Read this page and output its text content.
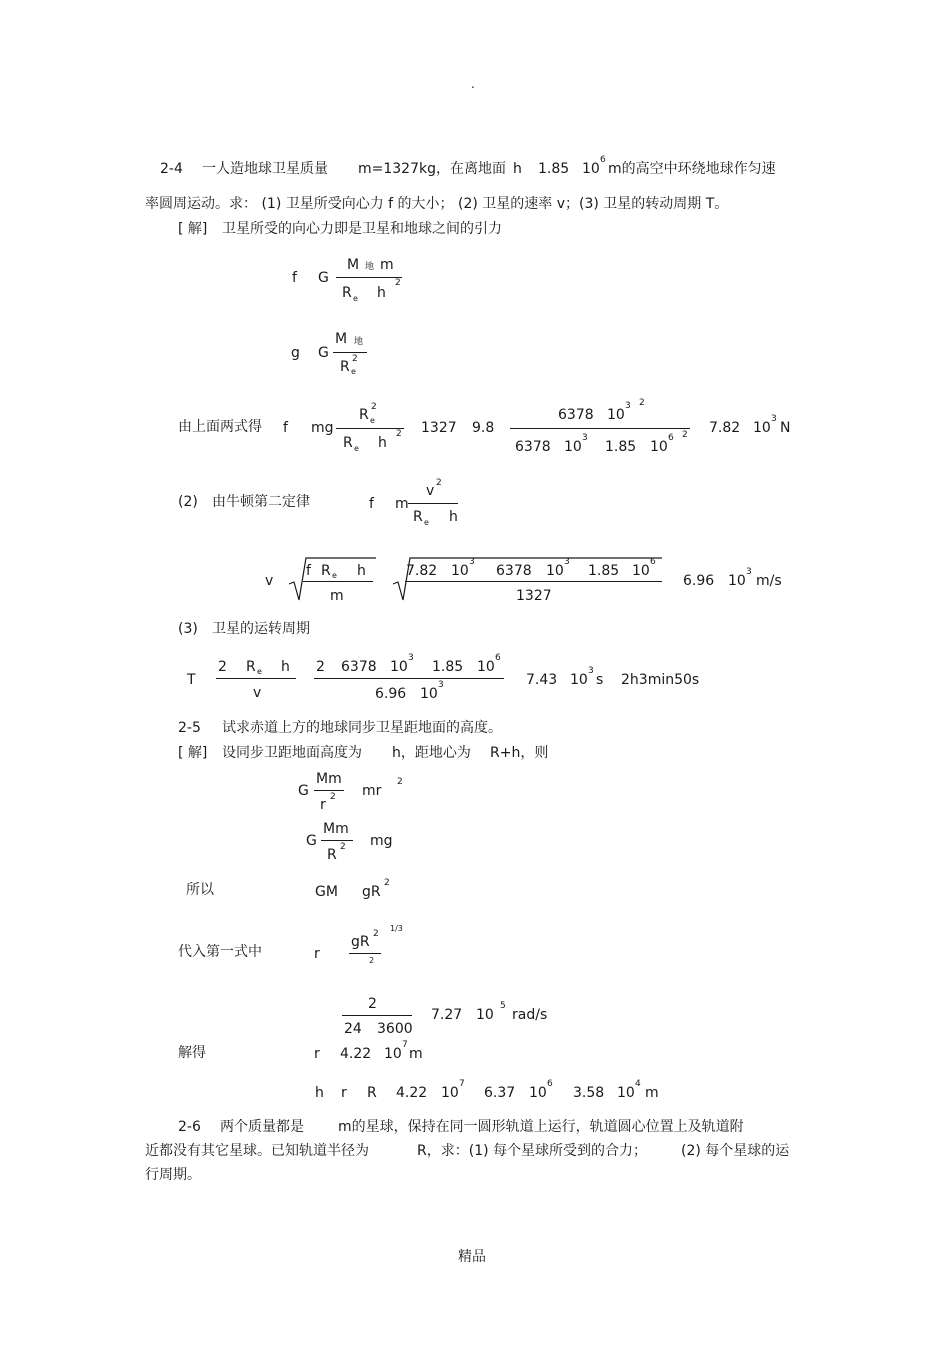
.
2-4 一人造地球卫星质量 m=1327kg，在离地面 h 1.85 10
6
m的高空中环绕地球作匀速
率圆周运动。求： (1) 卫星所受向心力 f 的大小； (2) 卫星的速率 v；(3) 卫星的转动周期 T。
[ 解] 卫星所受的向心力即是卫星和地球之间的引力
f G
M 地 m
R e h
2
g G
M 地
R e
2
由上面两式得 f mg
R e
2
R e h
2 1327 9.8
6378 10
3 2
6378 10
3
1.85 10
6 2 7.82 10
3
N
(2) 由牛顿第二定律	f m
v 2
R e h
v
f R e h
m
7.82 10
3
6378 10
3
1.85 10
6
1327
6.96 10
3
m/s
(3) 卫星的运转周期
T
2 R e h
v
2 6378 10
3
1.85 10
6
6.96 10
3	7.43 10
3
s 2h3min50s
2-5 试求赤道上方的地球同步卫星距地面的高度。
[ 解] 设同步卫距地面高度为 h，距地心为 R+h，则
G
Mm
r 2 mr
2
G
Mm
R 2 mg
所以	GM gR
2
代入第一式中	r
gR 2
2
1/3
2
24 3600
7.27 10
5
rad/s
解得	r 4.22 10
7
m
h r R 4.22 10
7
6.37 10
6
3.58 10
4
m
2-6 两个质量都是 m的星球，保持在同一圆形轨道上运行，轨道圆心位置上及轨道附
近都没有其它星球。已知轨道半径为	R，求：(1) 每个星球所受到的合力； (2) 每个星球的运
行周期。
精品
